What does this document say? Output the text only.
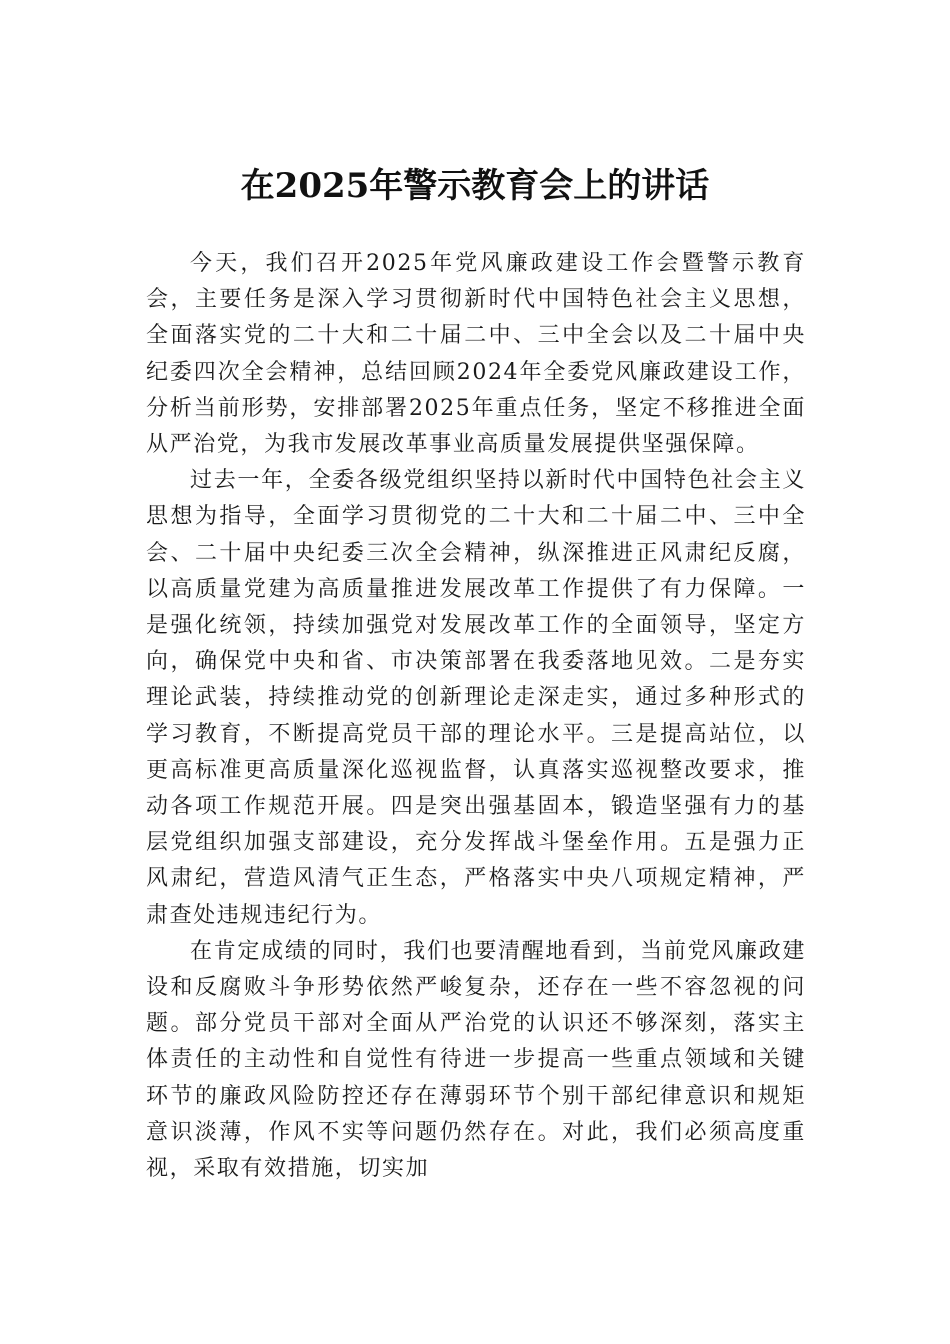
在2025年警示教育会上的讲话

今天，我们召开2025年党风廉政建设工作会暨警示教育会，主要任务是深入学习贯彻新时代中国特色社会主义思想，全面落实党的二十大和二十届二中、三中全会以及二十届中央纪委四次全会精神，总结回顾2024年全委党风廉政建设工作，分析当前形势，安排部署2025年重点任务，坚定不移推进全面从严治党，为我市发展改革事业高质量发展提供坚强保障。

过去一年，全委各级党组织坚持以新时代中国特色社会主义思想为指导，全面学习贯彻党的二十大和二十届二中、三中全会、二十届中央纪委三次全会精神，纵深推进正风肃纪反腐，以高质量党建为高质量推进发展改革工作提供了有力保障。一是强化统领，持续加强党对发展改革工作的全面领导，坚定方向，确保党中央和省、市决策部署在我委落地见效。二是夯实理论武装，持续推动党的创新理论走深走实，通过多种形式的学习教育，不断提高党员干部的理论水平。三是提高站位，以更高标准更高质量深化巡视监督，认真落实巡视整改要求，推动各项工作规范开展。四是突出强基固本，锻造坚强有力的基层党组织加强支部建设，充分发挥战斗堡垒作用。五是强力正风肃纪，营造风清气正生态，严格落实中央八项规定精神，严肃查处违规违纪行为。

在肯定成绩的同时，我们也要清醒地看到，当前党风廉政建设和反腐败斗争形势依然严峻复杂，还存在一些不容忽视的问题。部分党员干部对全面从严治党的认识还不够深刻，落实主体责任的主动性和自觉性有待进一步提高一些重点领域和关键环节的廉政风险防控还存在薄弱环节个别干部纪律意识和规矩意识淡薄，作风不实等问题仍然存在。对此，我们必须高度重视，采取有效措施，切实加
